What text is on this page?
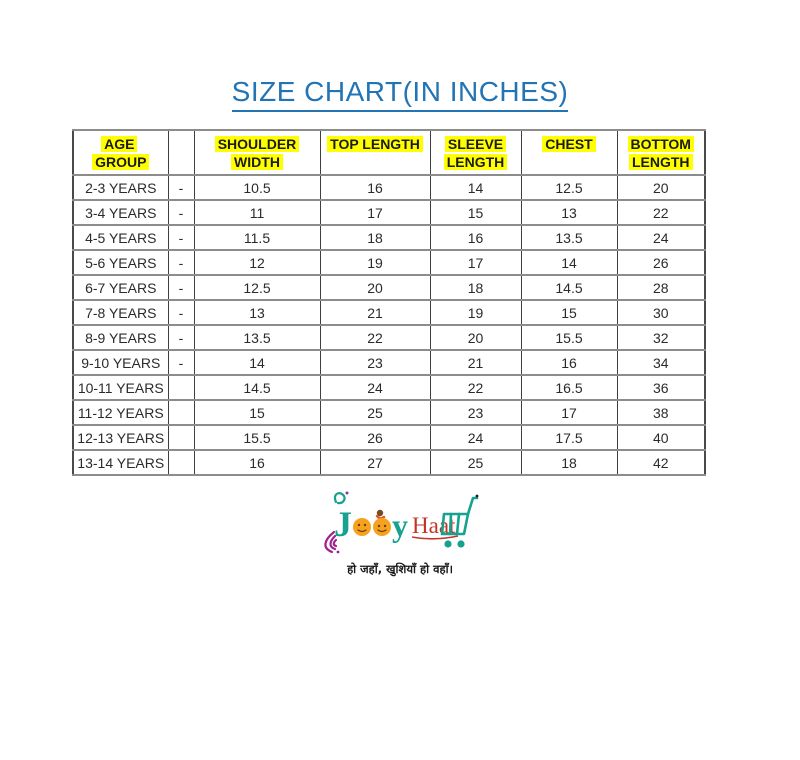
SIZE CHART(IN INCHES)
AGE GROUP		SHOULDER WIDTH	TOP LENGTH	SLEEVE LENGTH	CHEST	BOTTOM LENGTH
2-3 YEARS	-	10.5	16	14	12.5	20
3-4 YEARS	-	11	17	15	13	22
4-5 YEARS	-	11.5	18	16	13.5	24
5-6 YEARS	-	12	19	17	14	26
6-7 YEARS	-	12.5	20	18	14.5	28
7-8 YEARS	-	13	21	19	15	30
8-9 YEARS	-	13.5	22	20	15.5	32
9-10 YEARS	-	14	23	21	16	34
10-11 YEARS		14.5	24	22	16.5	36
11-12 YEARS		15	25	23	17	38
12-13 YEARS		15.5	26	24	17.5	40
13-14 YEARS		16	27	25	18	42
J y Haat
हो जहाँ, खुशियाँ हो वहाँ।
